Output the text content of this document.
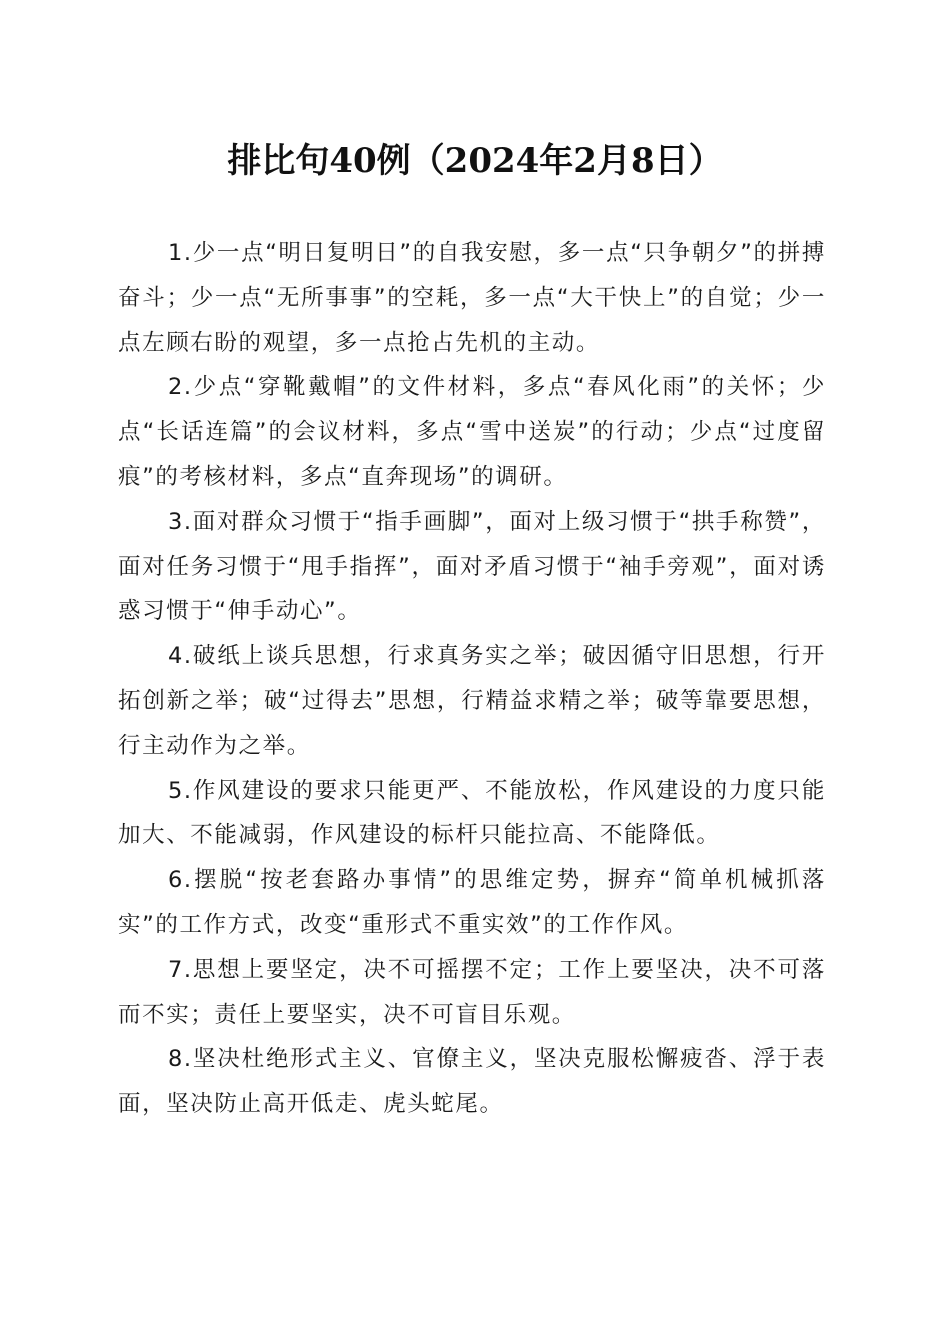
排比句40例（2024年2月8日）

1.少一点“明日复明日”的自我安慰，多一点“只争朝夕”的拼搏奋斗；少一点“无所事事”的空耗，多一点“大干快上”的自觉；少一点左顾右盼的观望，多一点抢占先机的主动。

2.少点“穿靴戴帽”的文件材料，多点“春风化雨”的关怀；少点“长话连篇”的会议材料，多点“雪中送炭”的行动；少点“过度留痕”的考核材料，多点“直奔现场”的调研。

3.面对群众习惯于“指手画脚”，面对上级习惯于“拱手称赞”，面对任务习惯于“甩手指挥”，面对矛盾习惯于“袖手旁观”，面对诱惑习惯于“伸手动心”。

4.破纸上谈兵思想，行求真务实之举；破因循守旧思想，行开拓创新之举；破“过得去”思想，行精益求精之举；破等靠要思想，行主动作为之举。

5.作风建设的要求只能更严、不能放松，作风建设的力度只能加大、不能减弱，作风建设的标杆只能拉高、不能降低。

6.摆脱“按老套路办事情”的思维定势，摒弃“简单机械抓落实”的工作方式，改变“重形式不重实效”的工作作风。

7.思想上要坚定，决不可摇摆不定；工作上要坚决，决不可落而不实；责任上要坚实，决不可盲目乐观。

8.坚决杜绝形式主义、官僚主义，坚决克服松懈疲沓、浮于表面，坚决防止高开低走、虎头蛇尾。
